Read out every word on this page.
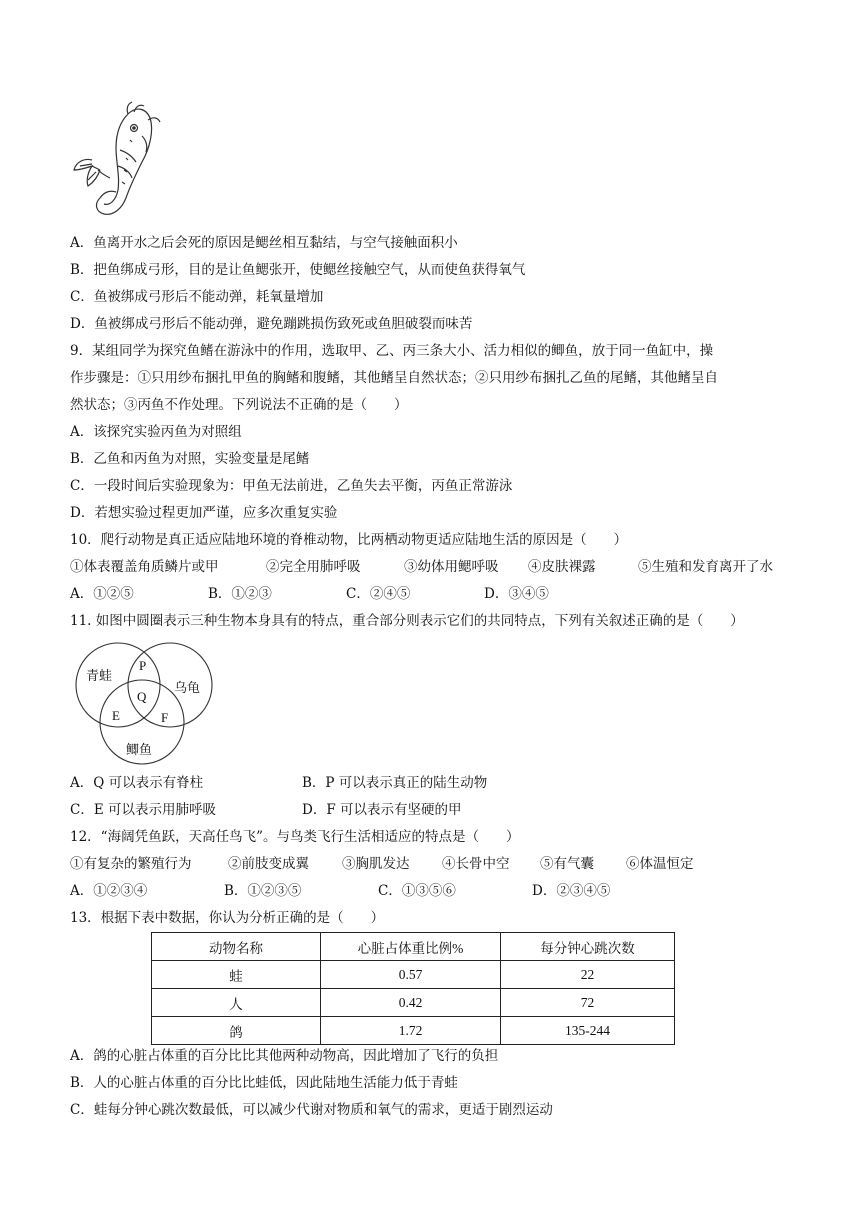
A．鱼离开水之后会死的原因是鳃丝相互黏结，与空气接触面积小
B．把鱼绑成弓形，目的是让鱼鳃张开，使鳃丝接触空气，从而使鱼获得氧气
C．鱼被绑成弓形后不能动弹，耗氧量增加
D．鱼被绑成弓形后不能动弹，避免蹦跳损伤致死或鱼胆破裂而味苦
9．某组同学为探究鱼鳍在游泳中的作用，选取甲、乙、丙三条大小、活力相似的鲫鱼，放于同一鱼缸中，操
作步骤是：①只用纱布捆扎甲鱼的胸鳍和腹鳍，其他鳍呈自然状态；②只用纱布捆扎乙鱼的尾鳍，其他鳍呈自
然状态；③丙鱼不作处理。下列说法不正确的是（　　）
A．该探究实验丙鱼为对照组
B．乙鱼和丙鱼为对照，实验变量是尾鳍
C．一段时间后实验现象为：甲鱼无法前进，乙鱼失去平衡，丙鱼正常游泳
D．若想实验过程更加严谨，应多次重复实验
10．爬行动物是真正适应陆地环境的脊椎动物，比两栖动物更适应陆地生活的原因是（　　）
①体表覆盖角质鳞片或甲	②完全用肺呼吸	③幼体用鳃呼吸 ④皮肤裸露	⑤生殖和发育离开了水
A．①②⑤	B．①②③	C．②④⑤	D．③④⑤
11. 如图中圆圈表示三种生物本身具有的特点，重合部分则表示它们的共同特点，下列有关叙述正确的是（　　）
青蛙
乌龟
鲫鱼
P
Q
E	F
A．Q 可以表示有脊柱	B．P 可以表示真正的陆生动物
C．E 可以表示用肺呼吸	D．F 可以表示有坚硬的甲
12．“海阔凭鱼跃，天高任鸟飞”。与鸟类飞行生活相适应的特点是（　　）
①有复杂的繁殖行为	②前肢变成翼 ③胸肌发达 ④长骨中空 ⑤有气囊 ⑥体温恒定
A．①②③④	B．①②③⑤	C．①③⑤⑥	D．②③④⑤
13．根据下表中数据，你认为分析正确的是（　　）
动物名称	心脏占体重比例%	每分钟心跳次数
蛙	0.57	22
人	0.42	72
鸽	1.72	135-244
A．鸽的心脏占体重的百分比比其他两种动物高，因此增加了飞行的负担
B．人的心脏占体重的百分比比蛙低，因此陆地生活能力低于青蛙
C．蛙每分钟心跳次数最低，可以减少代谢对物质和氧气的需求，更适于剧烈运动
